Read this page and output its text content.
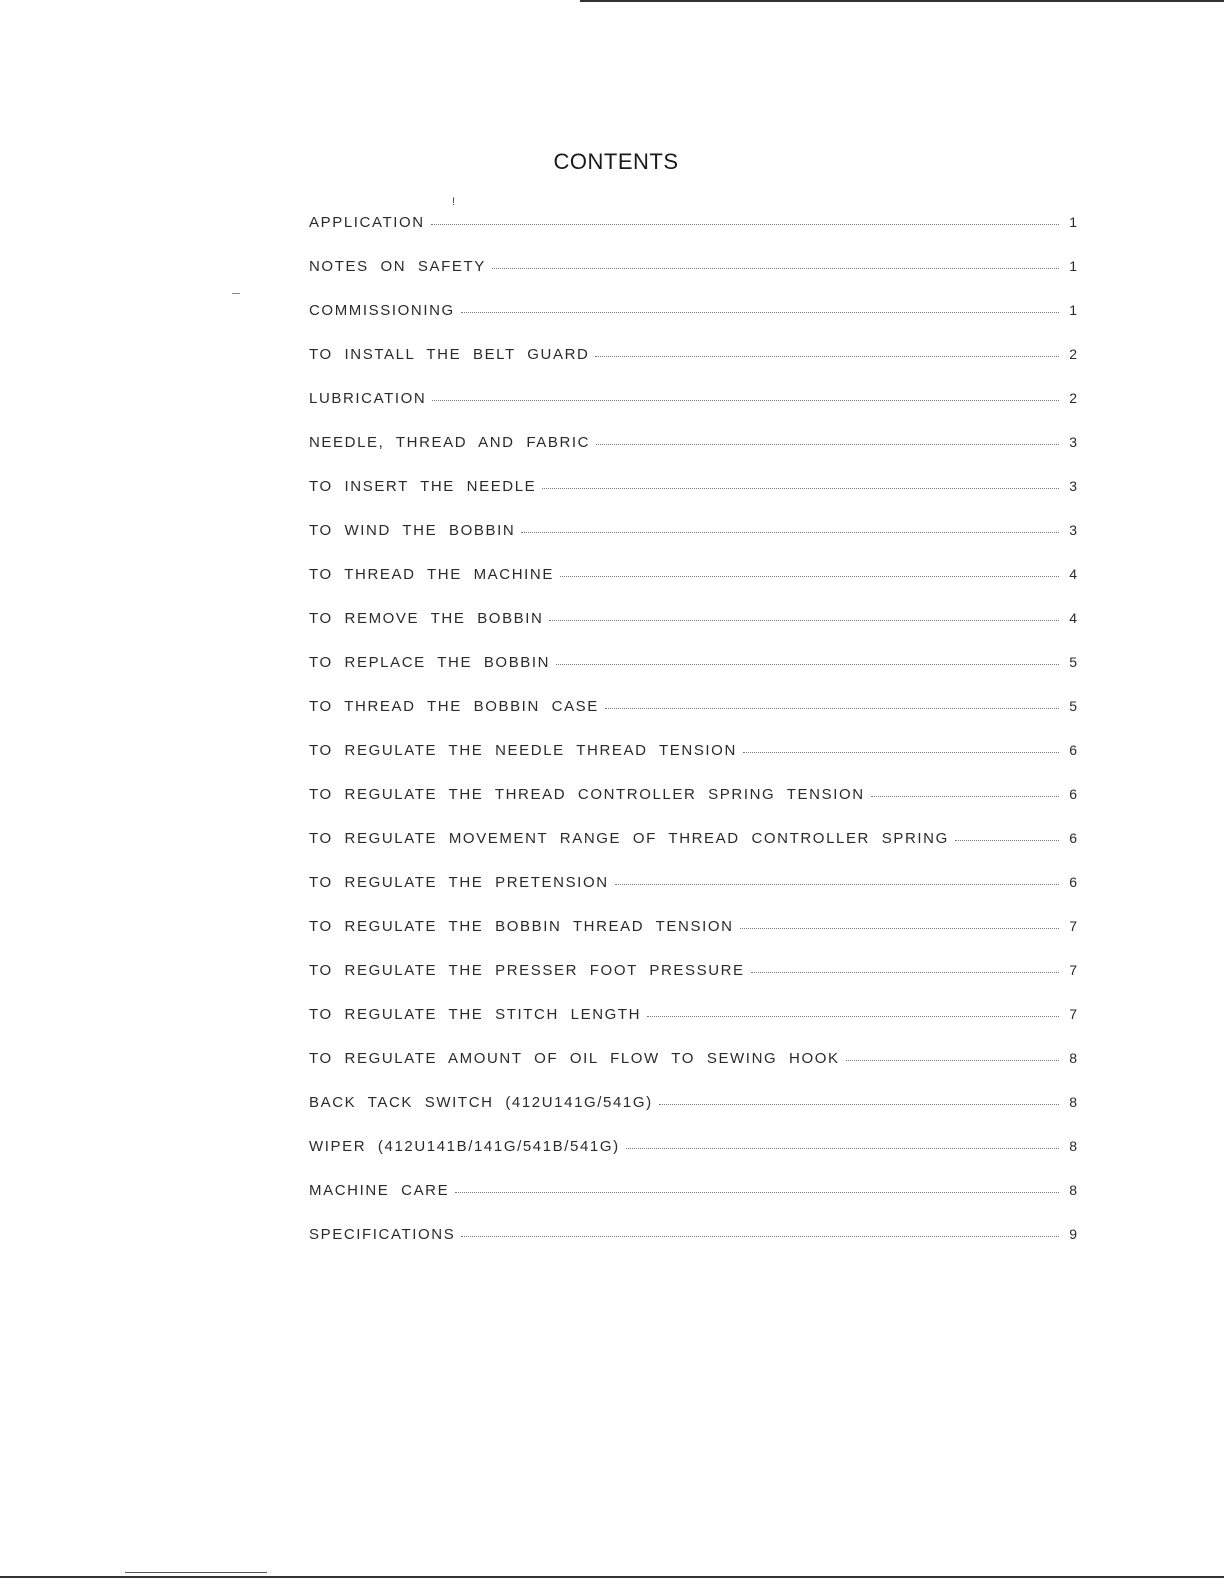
CONTENTS
!
APPLICATION	1
NOTES ON SAFETY	1
COMMISSIONING	1
TO INSTALL THE BELT GUARD	2
LUBRICATION	2
NEEDLE, THREAD AND FABRIC	3
TO INSERT THE NEEDLE	3
TO WIND THE BOBBIN	3
TO THREAD THE MACHINE	4
TO REMOVE THE BOBBIN	4
TO REPLACE THE BOBBIN	5
TO THREAD THE BOBBIN CASE	5
TO REGULATE THE NEEDLE THREAD TENSION	6
TO REGULATE THE THREAD CONTROLLER SPRING TENSION	6
TO REGULATE MOVEMENT RANGE OF THREAD CONTROLLER SPRING	6
TO REGULATE THE PRETENSION	6
TO REGULATE THE BOBBIN THREAD TENSION	7
TO REGULATE THE PRESSER FOOT PRESSURE	7
TO REGULATE THE STITCH LENGTH	7
TO REGULATE AMOUNT OF OIL FLOW TO SEWING HOOK	8
BACK TACK SWITCH (412U141G/541G)	8
WIPER (412U141B/141G/541B/541G)	8
MACHINE CARE	8
SPECIFICATIONS	9
